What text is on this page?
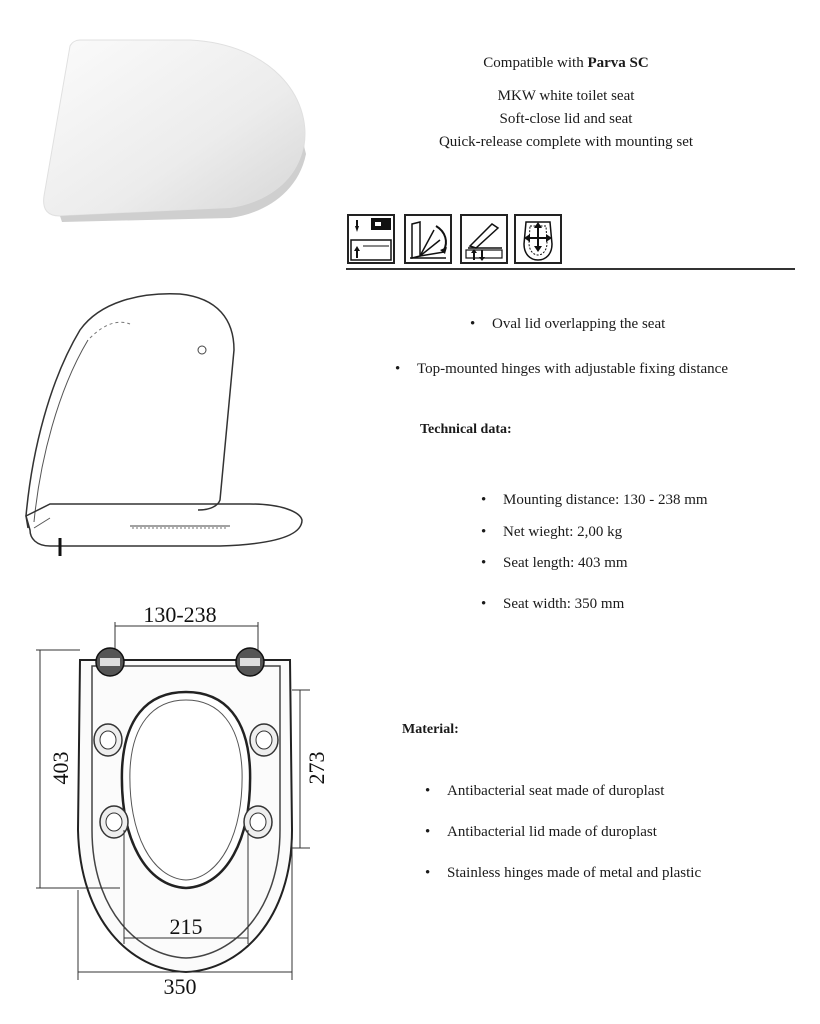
Compatible with Parva SC
MKW white toilet seat
Soft-close lid and seat
Quick-release complete with mounting set
130-238
403	273
215
350
• Oval lid overlapping the seat
• Top-mounted hinges with adjustable fixing distance
Technical data:
• Mounting distance: 130 - 238 mm
• Net wieght: 2,00 kg
• Seat length: 403 mm
• Seat width: 350 mm
Material:
• Antibacterial seat made of duroplast
• Antibacterial lid made of duroplast
• Stainless hinges made of metal and plastic
